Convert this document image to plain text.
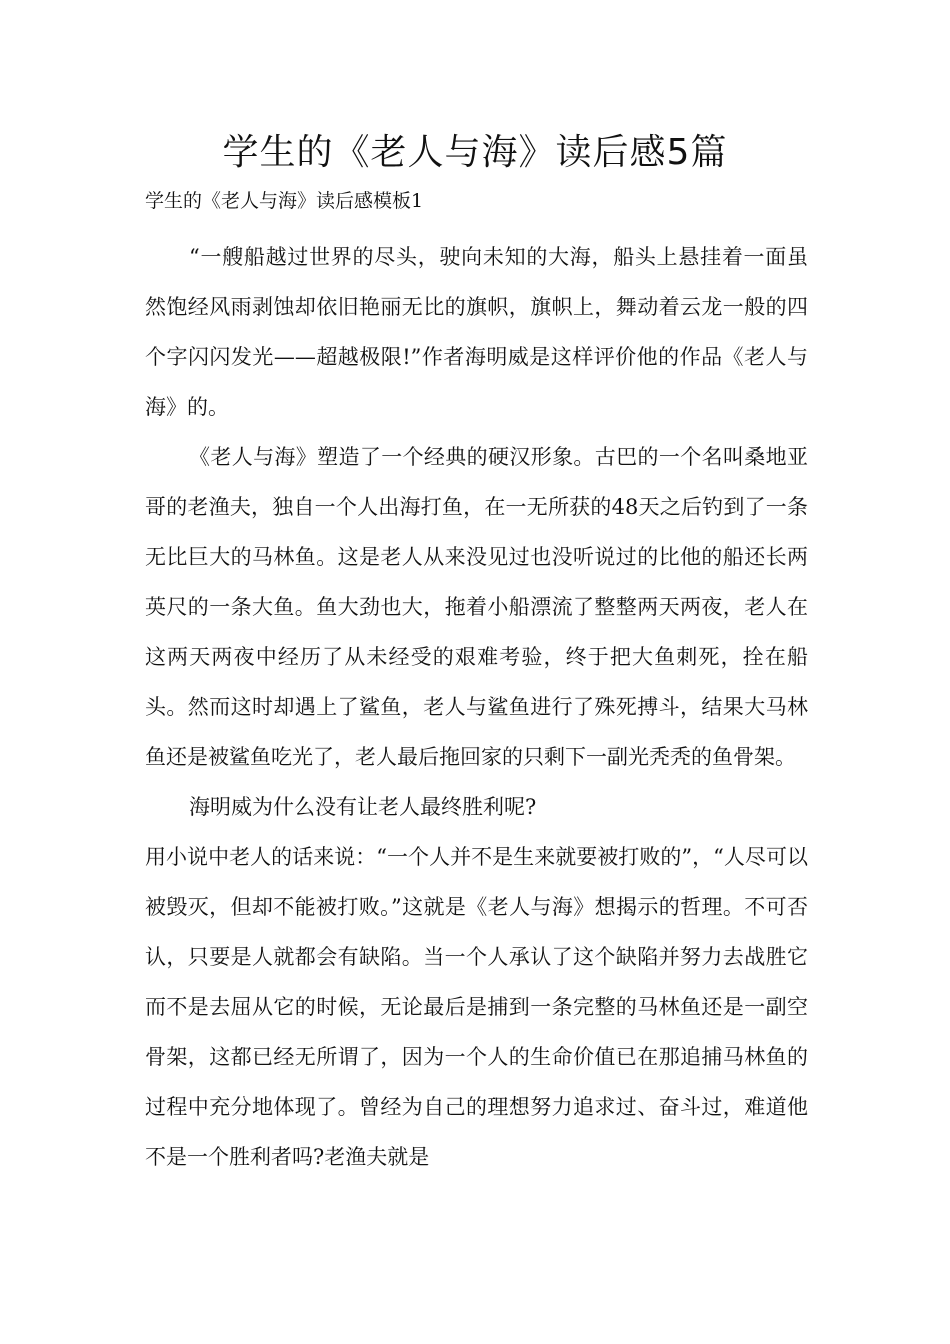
学生的《老人与海》读后感5篇

学生的《老人与海》读后感模板1

“一艘船越过世界的尽头，驶向未知的大海，船头上悬挂着一面虽然饱经风雨剥蚀却依旧艳丽无比的旗帜，旗帜上，舞动着云龙一般的四个字闪闪发光——超越极限!”作者海明威是这样评价他的作品《老人与海》的。

《老人与海》塑造了一个经典的硬汉形象。古巴的一个名叫桑地亚哥的老渔夫，独自一个人出海打鱼，在一无所获的48天之后钓到了一条无比巨大的马林鱼。这是老人从来没见过也没听说过的比他的船还长两英尺的一条大鱼。鱼大劲也大，拖着小船漂流了整整两天两夜，老人在这两天两夜中经历了从未经受的艰难考验，终于把大鱼刺死，拴在船头。然而这时却遇上了鲨鱼，老人与鲨鱼进行了殊死搏斗，结果大马林鱼还是被鲨鱼吃光了，老人最后拖回家的只剩下一副光秃秃的鱼骨架。

海明威为什么没有让老人最终胜利呢?

用小说中老人的话来说：“一个人并不是生来就要被打败的”，“人尽可以被毁灭，但却不能被打败。”这就是《老人与海》想揭示的哲理。不可否认，只要是人就都会有缺陷。当一个人承认了这个缺陷并努力去战胜它而不是去屈从它的时候，无论最后是捕到一条完整的马林鱼还是一副空骨架，这都已经无所谓了，因为一个人的生命价值已在那追捕马林鱼的过程中充分地体现了。曾经为自己的理想努力追求过、奋斗过，难道他不是一个胜利者吗?老渔夫就是
